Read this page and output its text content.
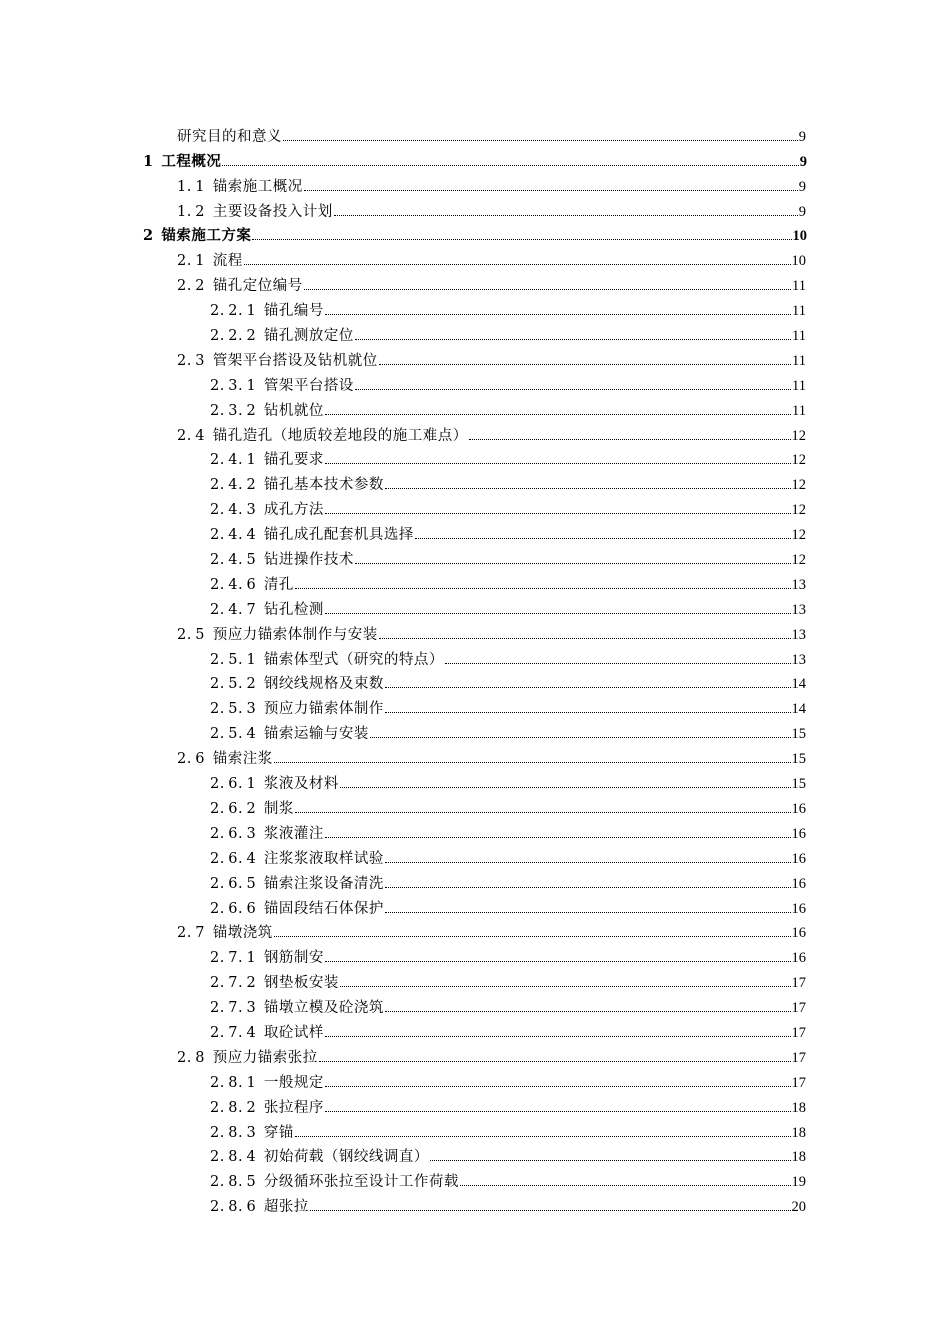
研究目的和意义	9
1 工程概况	9
1. 1 锚索施工概况	9
1. 2 主要设备投入计划	9
2 锚索施工方案	10
2. 1 流程	10
2. 2 锚孔定位编号	11
2. 2. 1 锚孔编号	11
2. 2. 2 锚孔测放定位	11
2. 3 管架平台搭设及钻机就位	11
2. 3. 1 管架平台搭设	11
2. 3. 2 钻机就位	11
2. 4 锚孔造孔（地质较差地段的施工难点）	12
2. 4. 1 锚孔要求	12
2. 4. 2 锚孔基本技术参数	12
2. 4. 3 成孔方法	12
2. 4. 4 锚孔成孔配套机具选择	12
2. 4. 5 钻进操作技术	12
2. 4. 6 清孔	13
2. 4. 7 钻孔检测	13
2. 5 预应力锚索体制作与安装	13
2. 5. 1 锚索体型式（研究的特点）	13
2. 5. 2 钢绞线规格及束数	14
2. 5. 3 预应力锚索体制作	14
2. 5. 4 锚索运输与安装	15
2. 6 锚索注浆	15
2. 6. 1 浆液及材料	15
2. 6. 2 制浆	16
2. 6. 3 浆液灌注	16
2. 6. 4 注浆浆液取样试验	16
2. 6. 5 锚索注浆设备清洗	16
2. 6. 6 锚固段结石体保护	16
2. 7 锚墩浇筑	16
2. 7. 1 钢筋制安	16
2. 7. 2 钢垫板安装	17
2. 7. 3 锚墩立模及砼浇筑	17
2. 7. 4 取砼试样	17
2. 8 预应力锚索张拉	17
2. 8. 1 一般规定	17
2. 8. 2 张拉程序	18
2. 8. 3 穿锚	18
2. 8. 4 初始荷载（钢绞线调直）	18
2. 8. 5 分级循环张拉至设计工作荷载	19
2. 8. 6 超张拉	20
